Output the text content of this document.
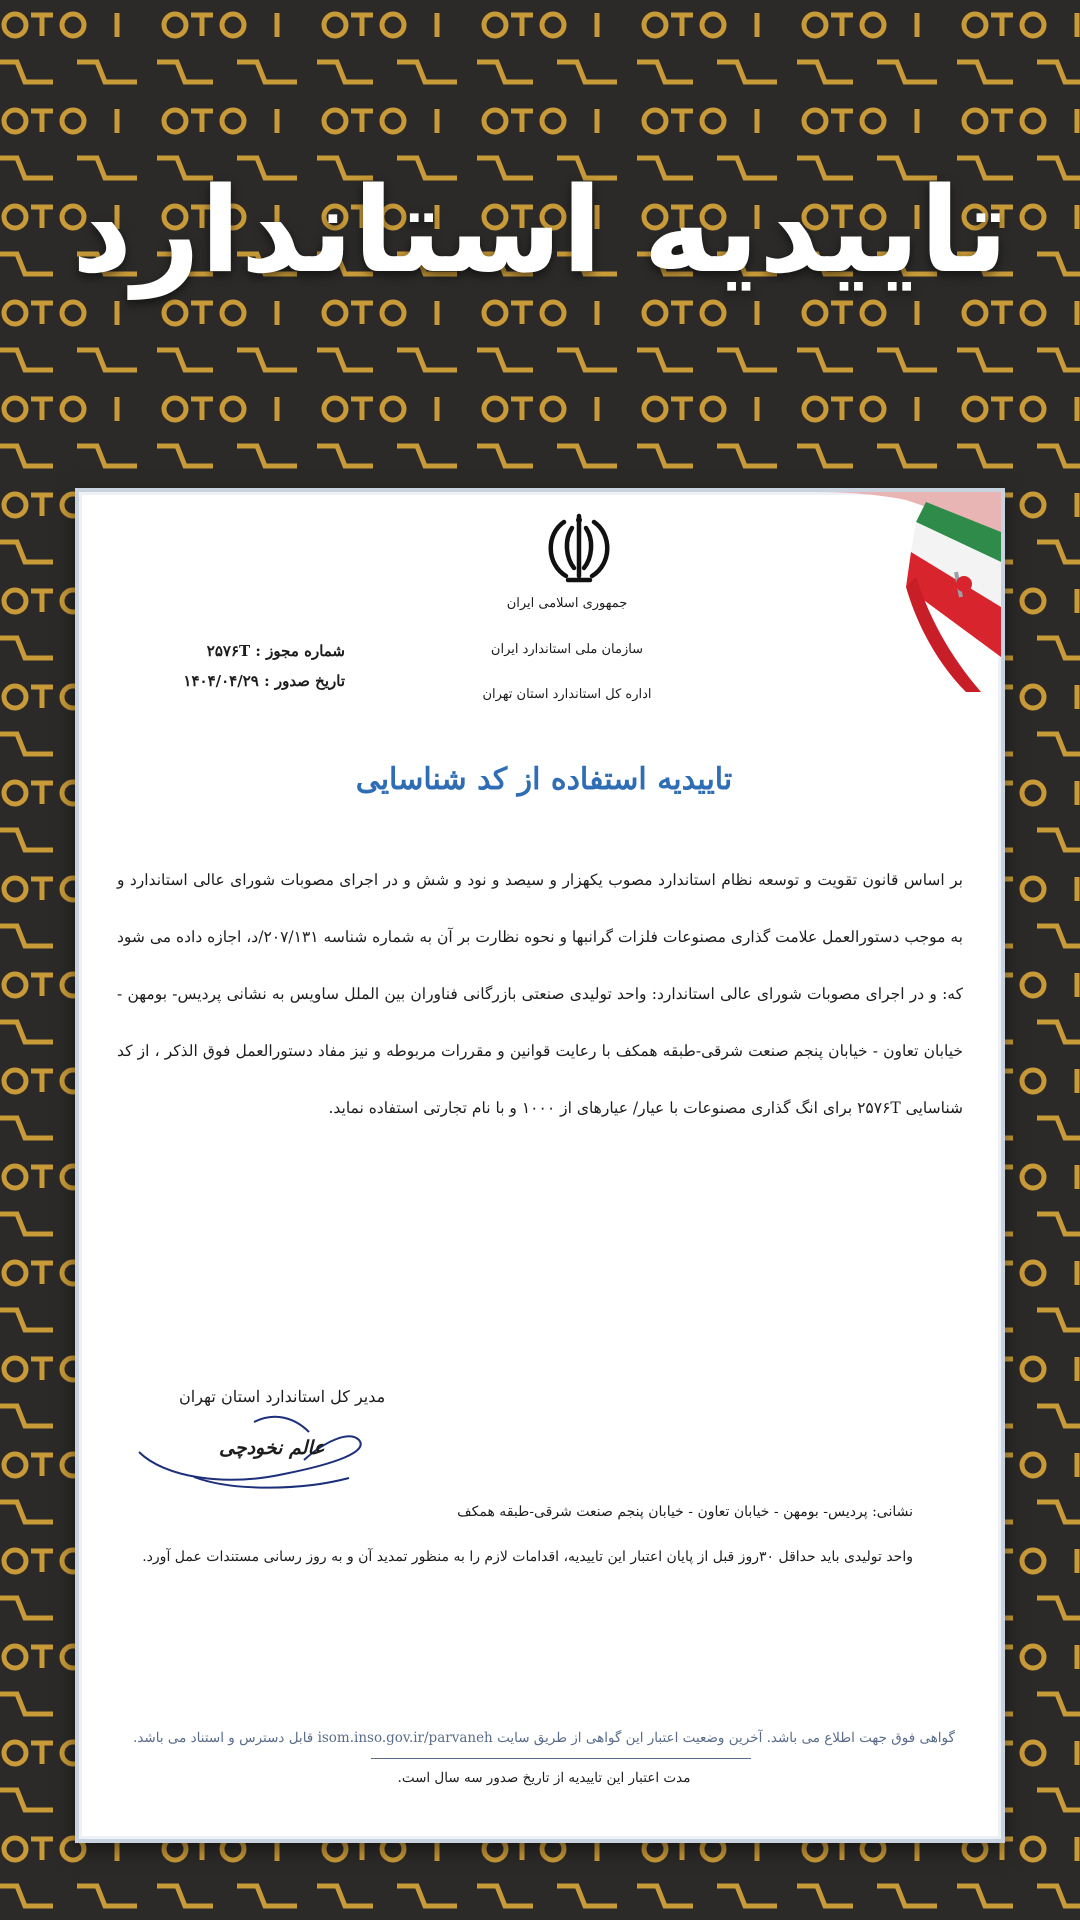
تاییدیه استاندارد
جمهوری اسلامی ایران
سازمان ملی استاندارد ایران
اداره کل استاندارد استان تهران
شماره مجوز : ۲۵۷۶T
تاریخ صدور : ۱۴۰۴/۰۴/۲۹
تاییدیه استفاده از کد شناسایی
بر اساس قانون تقویت و توسعه نظام استاندارد مصوب یکهزار و سیصد و نود و شش و در اجرای مصوبات شورای عالی استاندارد و به موجب دستورالعمل علامت گذاری مصنوعات فلزات گرانبها و نحوه نظارت بر آن به شماره شناسه ۲۰۷/۱۳۱/د، اجازه داده می شود که: و در اجرای مصوبات شورای عالی استاندارد: واحد تولیدی صنعتی بازرگانی فناوران بین الملل ساویس به نشانی پردیس- بومهن - خیابان تعاون - خیابان پنجم صنعت شرقی-طبقه همکف با رعایت قوانین و مقررات مربوطه و نیز مفاد دستورالعمل فوق الذکر ، از کد شناسایی ۲۵۷۶T برای انگ گذاری مصنوعات با عیار/ عیارهای از ۱۰۰۰ و با نام تجارتی استفاده نماید.
مدیر کل استاندارد استان تهران
عالم نخودچی
نشانی: پردیس- بومهن - خیابان تعاون - خیابان پنجم صنعت شرقی-طبقه همکف
واحد تولیدی باید حداقل ۳۰روز قبل از پایان اعتبار این تاییدیه، اقدامات لازم را به منظور تمدید آن و به روز رسانی مستندات عمل آورد.
گواهی فوق جهت اطلاع می باشد. آخرین وضعیت اعتبار این گواهی از طریق سایت isom.inso.gov.ir/parvaneh قابل دسترس و استناد می باشد.
مدت اعتبار این تاییدیه از تاریخ صدور سه سال است.
